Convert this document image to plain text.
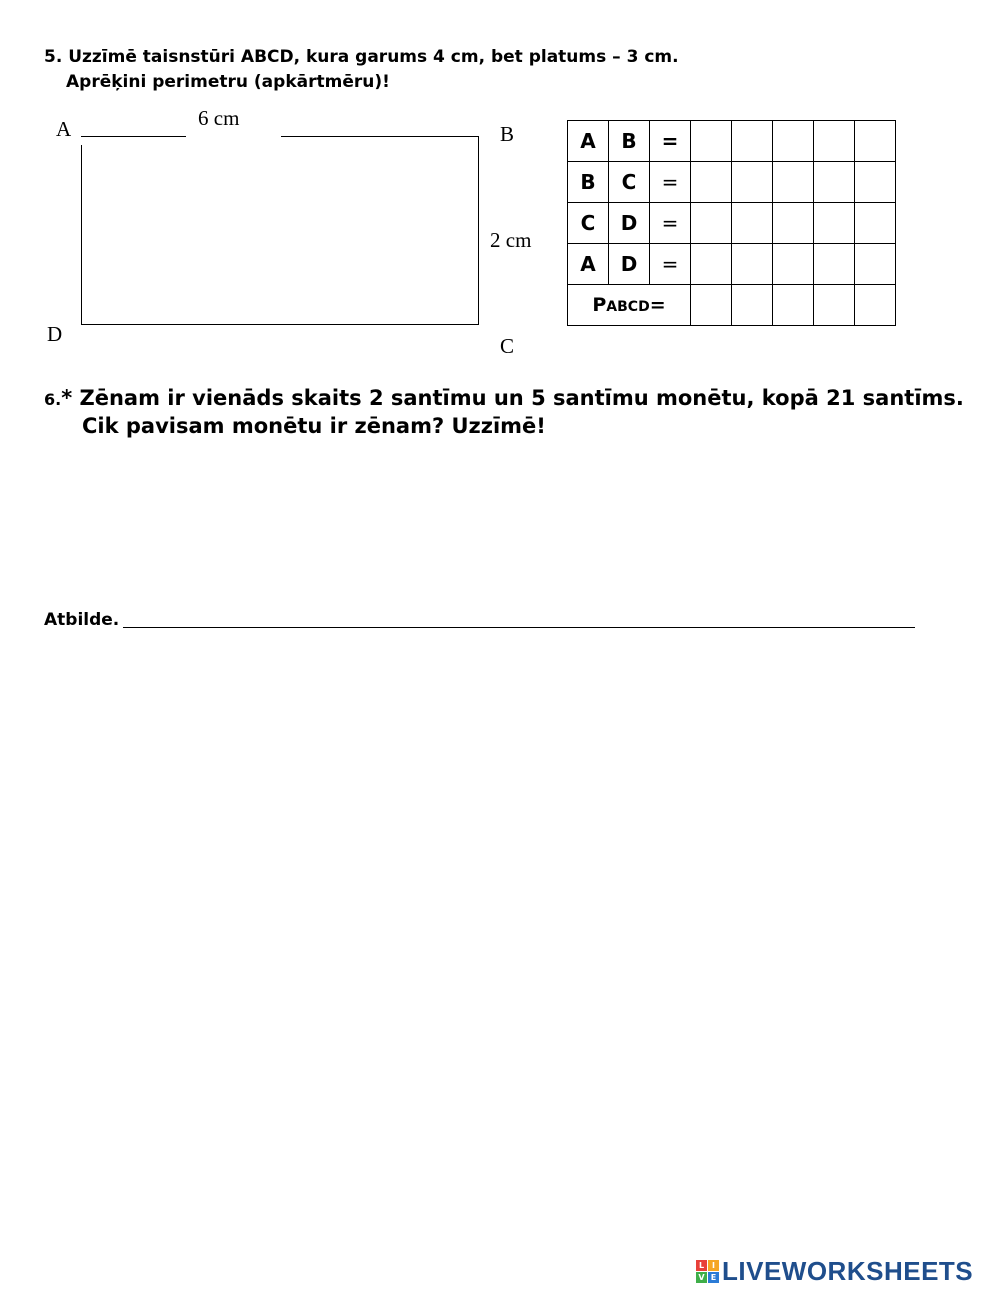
5. Uzzīmē taisnstūri ABCD, kura garums 4 cm, bet platums – 3 cm.
Aprēķini perimetru (apkārtmēru)!
A	B
C
D
6 cm
2 cm
A	B	=					
B	C	=					
C	D	=					
A	D	=					
PABCD=							
6.* Zēnam ir vienāds skaits 2 santīmu un 5 santīmu monētu, kopā 21 santīms.
Cik pavisam monētu ir zēnam? Uzzīmē!
Atbilde.
L I
V E LIVEWORKSHEETS
